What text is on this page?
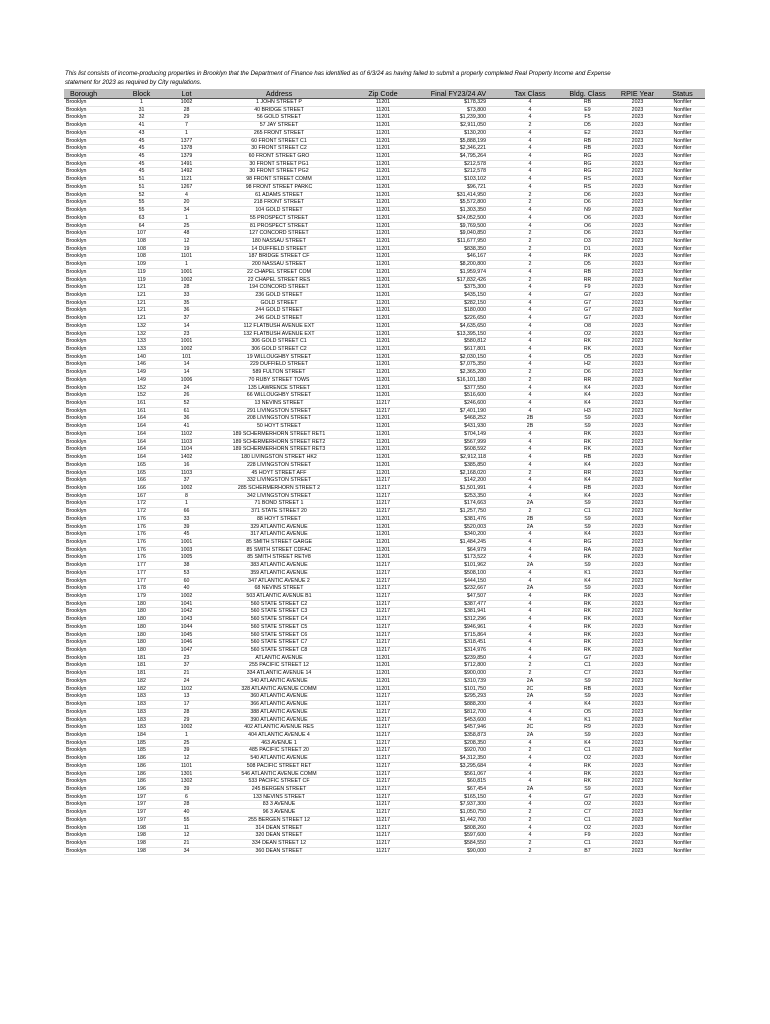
This list consists of income-producing properties in Brooklyn that the Department of Finance has identified as of 6/3/24 as having failed to submit a properly completed Real Property Income and Expense statement for 2023 as required by City regulations.

Borough	Block	Lot	Address	Zip Code	Final FY23/24 AV	Tax Class	Bldg. Class	RPIE Year	Status
Brooklyn	1	1002	1 JOHN STREET P	11201	$178,329	4	RB	2023	Nonfiler
Brooklyn	31	28	40 BRIDGE STREET	11201	$73,800	4	E9	2023	Nonfiler
Brooklyn	32	29	56 GOLD STREET	11201	$1,239,300	4	F5	2023	Nonfiler
Brooklyn	41	7	57 JAY STREET	11201	$2,911,050	2	D5	2023	Nonfiler
Brooklyn	43	1	265 FRONT STREET	11201	$130,200	4	E2	2023	Nonfiler
Brooklyn	45	1377	60 FRONT STREET C1	11201	$5,888,199	4	RB	2023	Nonfiler
Brooklyn	45	1378	30 FRONT STREET C2	11201	$2,346,221	4	RB	2023	Nonfiler
Brooklyn	45	1379	60 FRONT STREET GRO	11201	$4,795,264	4	RG	2023	Nonfiler
Brooklyn	45	1491	30 FRONT STREET PG1	11201	$212,578	4	RG	2023	Nonfiler
Brooklyn	45	1492	30 FRONT STREET PG2	11201	$212,578	4	RG	2023	Nonfiler
Brooklyn	51	1121	98 FRONT STREET COMM	11201	$103,102	4	RS	2023	Nonfiler
Brooklyn	51	1267	98 FRONT STREET PARKC	11201	$96,721	4	RS	2023	Nonfiler
Brooklyn	52	4	61 ADAMS STREET	11201	$31,414,950	2	D6	2023	Nonfiler
Brooklyn	55	20	218 FRONT STREET	11201	$5,572,800	2	D6	2023	Nonfiler
Brooklyn	55	34	104 GOLD STREET	11201	$1,303,350	4	N9	2023	Nonfiler
Brooklyn	63	1	55 PROSPECT STREET	11201	$24,052,500	4	O6	2023	Nonfiler
Brooklyn	64	25	81 PROSPECT STREET	11201	$9,769,500	4	O6	2023	Nonfiler
Brooklyn	107	48	127 CONCORD STREET	11201	$9,040,850	2	D6	2023	Nonfiler
Brooklyn	108	12	180 NASSAU STREET	11201	$11,677,950	2	D3	2023	Nonfiler
Brooklyn	108	19	14 DUFFIELD STREET	11201	$838,350	2	D1	2023	Nonfiler
Brooklyn	108	1101	187 BRIDGE STREET CF	11201	$46,167	4	RK	2023	Nonfiler
Brooklyn	109	1	200 NASSAU STREET	11201	$8,200,800	2	D5	2023	Nonfiler
Brooklyn	119	1001	22 CHAPEL STREET COM	11201	$1,959,974	4	RB	2023	Nonfiler
Brooklyn	119	1002	22 CHAPEL STREET RES	11201	$17,832,426	2	RR	2023	Nonfiler
Brooklyn	121	28	194 CONCORD STREET	11201	$375,300	4	F9	2023	Nonfiler
Brooklyn	121	33	236 GOLD STREET	11201	$435,150	4	G7	2023	Nonfiler
Brooklyn	121	35	GOLD STREET	11201	$282,150	4	G7	2023	Nonfiler
Brooklyn	121	36	244 GOLD STREET	11201	$180,000	4	G7	2023	Nonfiler
Brooklyn	121	37	246 GOLD STREET	11201	$226,650	4	G7	2023	Nonfiler
Brooklyn	132	14	112 FLATBUSH AVENUE EXT	11201	$4,635,650	4	O8	2023	Nonfiler
Brooklyn	132	23	132 FLATBUSH AVENUE EXT	11201	$13,395,150	4	O2	2023	Nonfiler
Brooklyn	133	1001	306 GOLD STREET C1	11201	$580,812	4	RK	2023	Nonfiler
Brooklyn	133	1002	306 GOLD STREET C2	11201	$617,801	4	RK	2023	Nonfiler
Brooklyn	140	101	19 WILLOUGHBY STREET	11201	$2,030,150	4	O5	2023	Nonfiler
Brooklyn	146	14	229 DUFFIELD STREET	11201	$7,075,350	4	H2	2023	Nonfiler
Brooklyn	149	14	589 FULTON STREET	11201	$2,365,200	2	D6	2023	Nonfiler
Brooklyn	149	1006	70 RUBY STREET TOWS	11201	$16,101,180	2	RR	2023	Nonfiler
Brooklyn	152	24	135 LAWRENCE STREET	11201	$377,550	4	K4	2023	Nonfiler
Brooklyn	152	26	66 WILLOUGHBY STREET	11201	$516,600	4	K4	2023	Nonfiler
Brooklyn	161	52	13 NEVINS STREET	11217	$246,600	4	K4	2023	Nonfiler
Brooklyn	161	61	291 LIVINGSTON STREET	11217	$7,401,190	4	H3	2023	Nonfiler
Brooklyn	164	36	208 LIVINGSTON STREET	11201	$468,252	2B	S9	2023	Nonfiler
Brooklyn	164	41	50 HOYT STREET	11201	$431,930	2B	S9	2023	Nonfiler
Brooklyn	164	1102	189 SCHERMERHORN STREET RET1	11201	$704,149	4	RK	2023	Nonfiler
Brooklyn	164	1103	189 SCHERMERHORN STREET RET2	11201	$567,999	4	RK	2023	Nonfiler
Brooklyn	164	1104	189 SCHERMERHORN STREET RET3	11201	$608,592	4	RK	2023	Nonfiler
Brooklyn	164	1402	180 LIVINGSTON STREET HK2	11201	$2,912,118	4	RB	2023	Nonfiler
Brooklyn	165	16	228 LIVINGSTON STREET	11201	$385,850	4	K4	2023	Nonfiler
Brooklyn	165	1103	45 HOYT STREET AFF	11201	$2,168,020	2	RR	2023	Nonfiler
Brooklyn	166	37	332 LIVINGSTON STREET	11217	$142,200	4	K4	2023	Nonfiler
Brooklyn	166	1002	285 SCHERMERHORN STREET 2	11217	$1,501,991	4	RB	2023	Nonfiler
Brooklyn	167	8	342 LIVINGSTON STREET	11217	$253,350	4	K4	2023	Nonfiler
Brooklyn	172	1	71 BOND STREET 1	11217	$174,663	2A	S9	2023	Nonfiler
Brooklyn	172	66	371 STATE STREET 20	11217	$1,257,750	2	C1	2023	Nonfiler
Brooklyn	176	33	88 HOYT STREET	11201	$381,476	2B	S9	2023	Nonfiler
Brooklyn	176	39	329 ATLANTIC AVENUE	11201	$520,003	2A	S9	2023	Nonfiler
Brooklyn	176	45	317 ATLANTIC AVENUE	11201	$340,200	4	K4	2023	Nonfiler
Brooklyn	176	1001	85 SMITH STREET GARGE	11201	$1,484,245	4	RG	2023	Nonfiler
Brooklyn	176	1003	85 SMITH STREET CDFAC	11201	$64,979	4	RA	2023	Nonfiler
Brooklyn	176	1005	85 SMITH STREET RET#8	11201	$173,522	4	RK	2023	Nonfiler
Brooklyn	177	38	383 ATLANTIC AVENUE	11217	$101,962	2A	S9	2023	Nonfiler
Brooklyn	177	53	359 ATLANTIC AVENUE	11217	$508,100	4	K1	2023	Nonfiler
Brooklyn	177	60	347 ATLANTIC AVENUE 2	11217	$444,150	4	K4	2023	Nonfiler
Brooklyn	178	40	68 NEVINS STREET	11217	$232,667	2A	S9	2023	Nonfiler
Brooklyn	179	1002	503 ATLANTIC AVENUE B1	11217	$47,507	4	RK	2023	Nonfiler
Brooklyn	180	1041	560 STATE STREET C2	11217	$387,477	4	RK	2023	Nonfiler
Brooklyn	180	1042	560 STATE STREET C3	11217	$381,941	4	RK	2023	Nonfiler
Brooklyn	180	1043	560 STATE STREET C4	11217	$312,296	4	RK	2023	Nonfiler
Brooklyn	180	1044	560 STATE STREET C5	11217	$946,961	4	RK	2023	Nonfiler
Brooklyn	180	1045	560 STATE STREET C6	11217	$715,864	4	RK	2023	Nonfiler
Brooklyn	180	1046	560 STATE STREET C7	11217	$318,451	4	RK	2023	Nonfiler
Brooklyn	180	1047	560 STATE STREET C8	11217	$314,976	4	RK	2023	Nonfiler
Brooklyn	181	23	ATLANTIC AVENUE	11201	$239,850	4	G7	2023	Nonfiler
Brooklyn	181	37	255 PACIFIC STREET 12	11201	$712,800	2	C1	2023	Nonfiler
Brooklyn	181	21	334 ATLANTIC AVENUE 14	11201	$900,000	2	C7	2023	Nonfiler
Brooklyn	182	24	340 ATLANTIC AVENUE	11201	$310,739	2A	S9	2023	Nonfiler
Brooklyn	182	1102	328 ATLANTIC AVENUE COMM	11201	$101,750	2C	RB	2023	Nonfiler
Brooklyn	183	13	360 ATLANTIC AVENUE	11217	$295,293	2A	S9	2023	Nonfiler
Brooklyn	183	17	366 ATLANTIC AVENUE	11217	$888,200	4	K4	2023	Nonfiler
Brooklyn	183	28	388 ATLANTIC AVENUE	11217	$812,700	4	O5	2023	Nonfiler
Brooklyn	183	29	390 ATLANTIC AVENUE	11217	$453,600	4	K1	2023	Nonfiler
Brooklyn	183	1002	402 ATLANTIC AVENUE RES	11217	$457,946	2C	R9	2023	Nonfiler
Brooklyn	184	1	404 ATLANTIC AVENUE 4	11217	$358,873	2A	S9	2023	Nonfiler
Brooklyn	185	25	463 AVENUE 1	11217	$208,350	4	K4	2023	Nonfiler
Brooklyn	185	39	485 PACIFIC STREET 20	11217	$920,700	2	C1	2023	Nonfiler
Brooklyn	186	12	540 ATLANTIC AVENUE	11217	$4,312,350	4	O2	2023	Nonfiler
Brooklyn	186	1101	508 PACIFIC STREET RET	11217	$3,295,684	4	RK	2023	Nonfiler
Brooklyn	186	1301	546 ATLANTIC AVENUE COMM	11217	$561,067	4	RK	2023	Nonfiler
Brooklyn	186	1302	533 PACIFIC STREET CF	11217	$60,815	4	RK	2023	Nonfiler
Brooklyn	196	39	245 BERGEN STREET	11217	$67,454	2A	S9	2023	Nonfiler
Brooklyn	197	6	133 NEVINS STREET	11217	$165,150	4	G7	2023	Nonfiler
Brooklyn	197	28	83 3 AVENUE	11217	$7,937,300	4	O2	2023	Nonfiler
Brooklyn	197	40	96 3 AVENUE	11217	$1,050,750	2	C7	2023	Nonfiler
Brooklyn	197	55	255 BERGEN STREET 12	11217	$1,442,700	2	C1	2023	Nonfiler
Brooklyn	198	11	314 DEAN STREET	11217	$808,260	4	O2	2023	Nonfiler
Brooklyn	198	12	320 DEAN STREET	11217	$597,600	4	F9	2023	Nonfiler
Brooklyn	198	21	334 DEAN STREET 12	11217	$584,550	2	C1	2023	Nonfiler
Brooklyn	198	34	360 DEAN STREET	11217	$90,000	2	B7	2023	Nonfiler
